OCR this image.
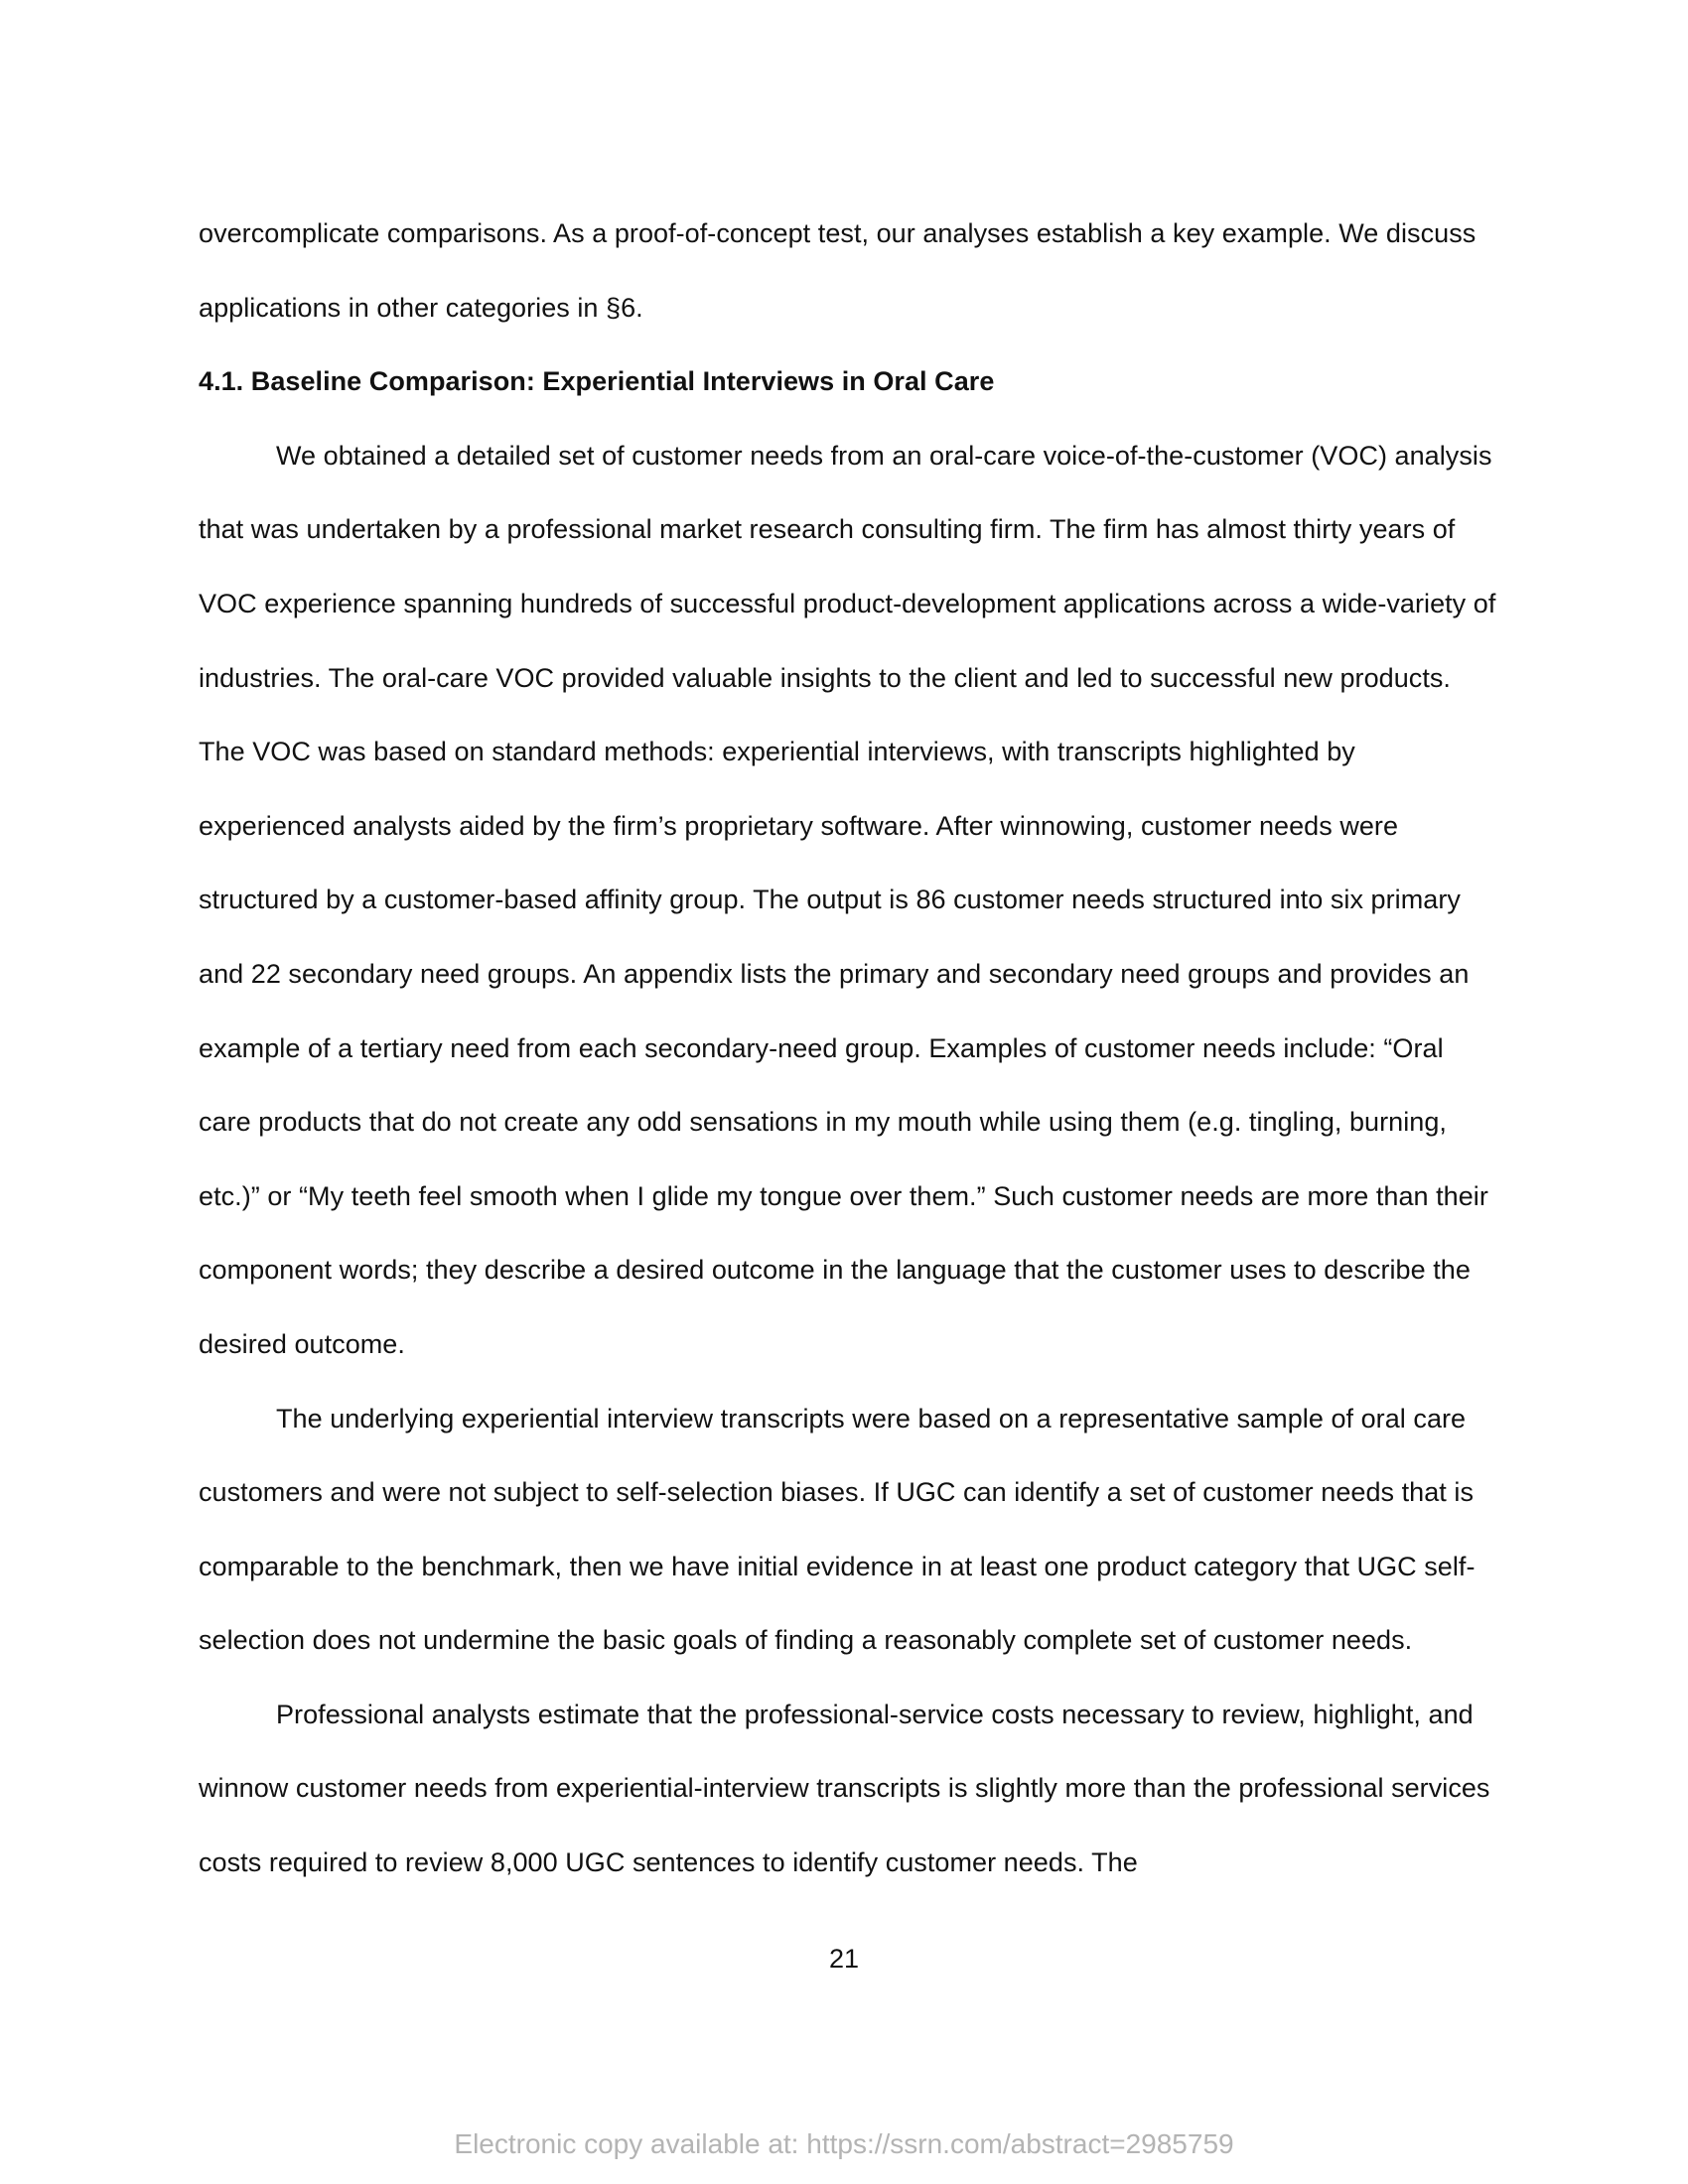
overcomplicate comparisons. As a proof-of-concept test, our analyses establish a key example. We discuss applications in other categories in §6.

4.1. Baseline Comparison: Experiential Interviews in Oral Care

We obtained a detailed set of customer needs from an oral-care voice-of-the-customer (VOC) analysis that was undertaken by a professional market research consulting firm. The firm has almost thirty years of VOC experience spanning hundreds of successful product-development applications across a wide-variety of industries. The oral-care VOC provided valuable insights to the client and led to successful new products. The VOC was based on standard methods: experiential interviews, with transcripts highlighted by experienced analysts aided by the firm’s proprietary software. After winnowing, customer needs were structured by a customer-based affinity group. The output is 86 customer needs structured into six primary and 22 secondary need groups. An appendix lists the primary and secondary need groups and provides an example of a tertiary need from each secondary-need group. Examples of customer needs include: “Oral care products that do not create any odd sensations in my mouth while using them (e.g. tingling, burning, etc.)” or “My teeth feel smooth when I glide my tongue over them.” Such customer needs are more than their component words; they describe a desired outcome in the language that the customer uses to describe the desired outcome.

The underlying experiential interview transcripts were based on a representative sample of oral care customers and were not subject to self-selection biases. If UGC can identify a set of customer needs that is comparable to the benchmark, then we have initial evidence in at least one product category that UGC self-selection does not undermine the basic goals of finding a reasonably complete set of customer needs.

Professional analysts estimate that the professional-service costs necessary to review, highlight, and winnow customer needs from experiential-interview transcripts is slightly more than the professional services costs required to review 8,000 UGC sentences to identify customer needs. The

21
Electronic copy available at: https://ssrn.com/abstract=2985759
